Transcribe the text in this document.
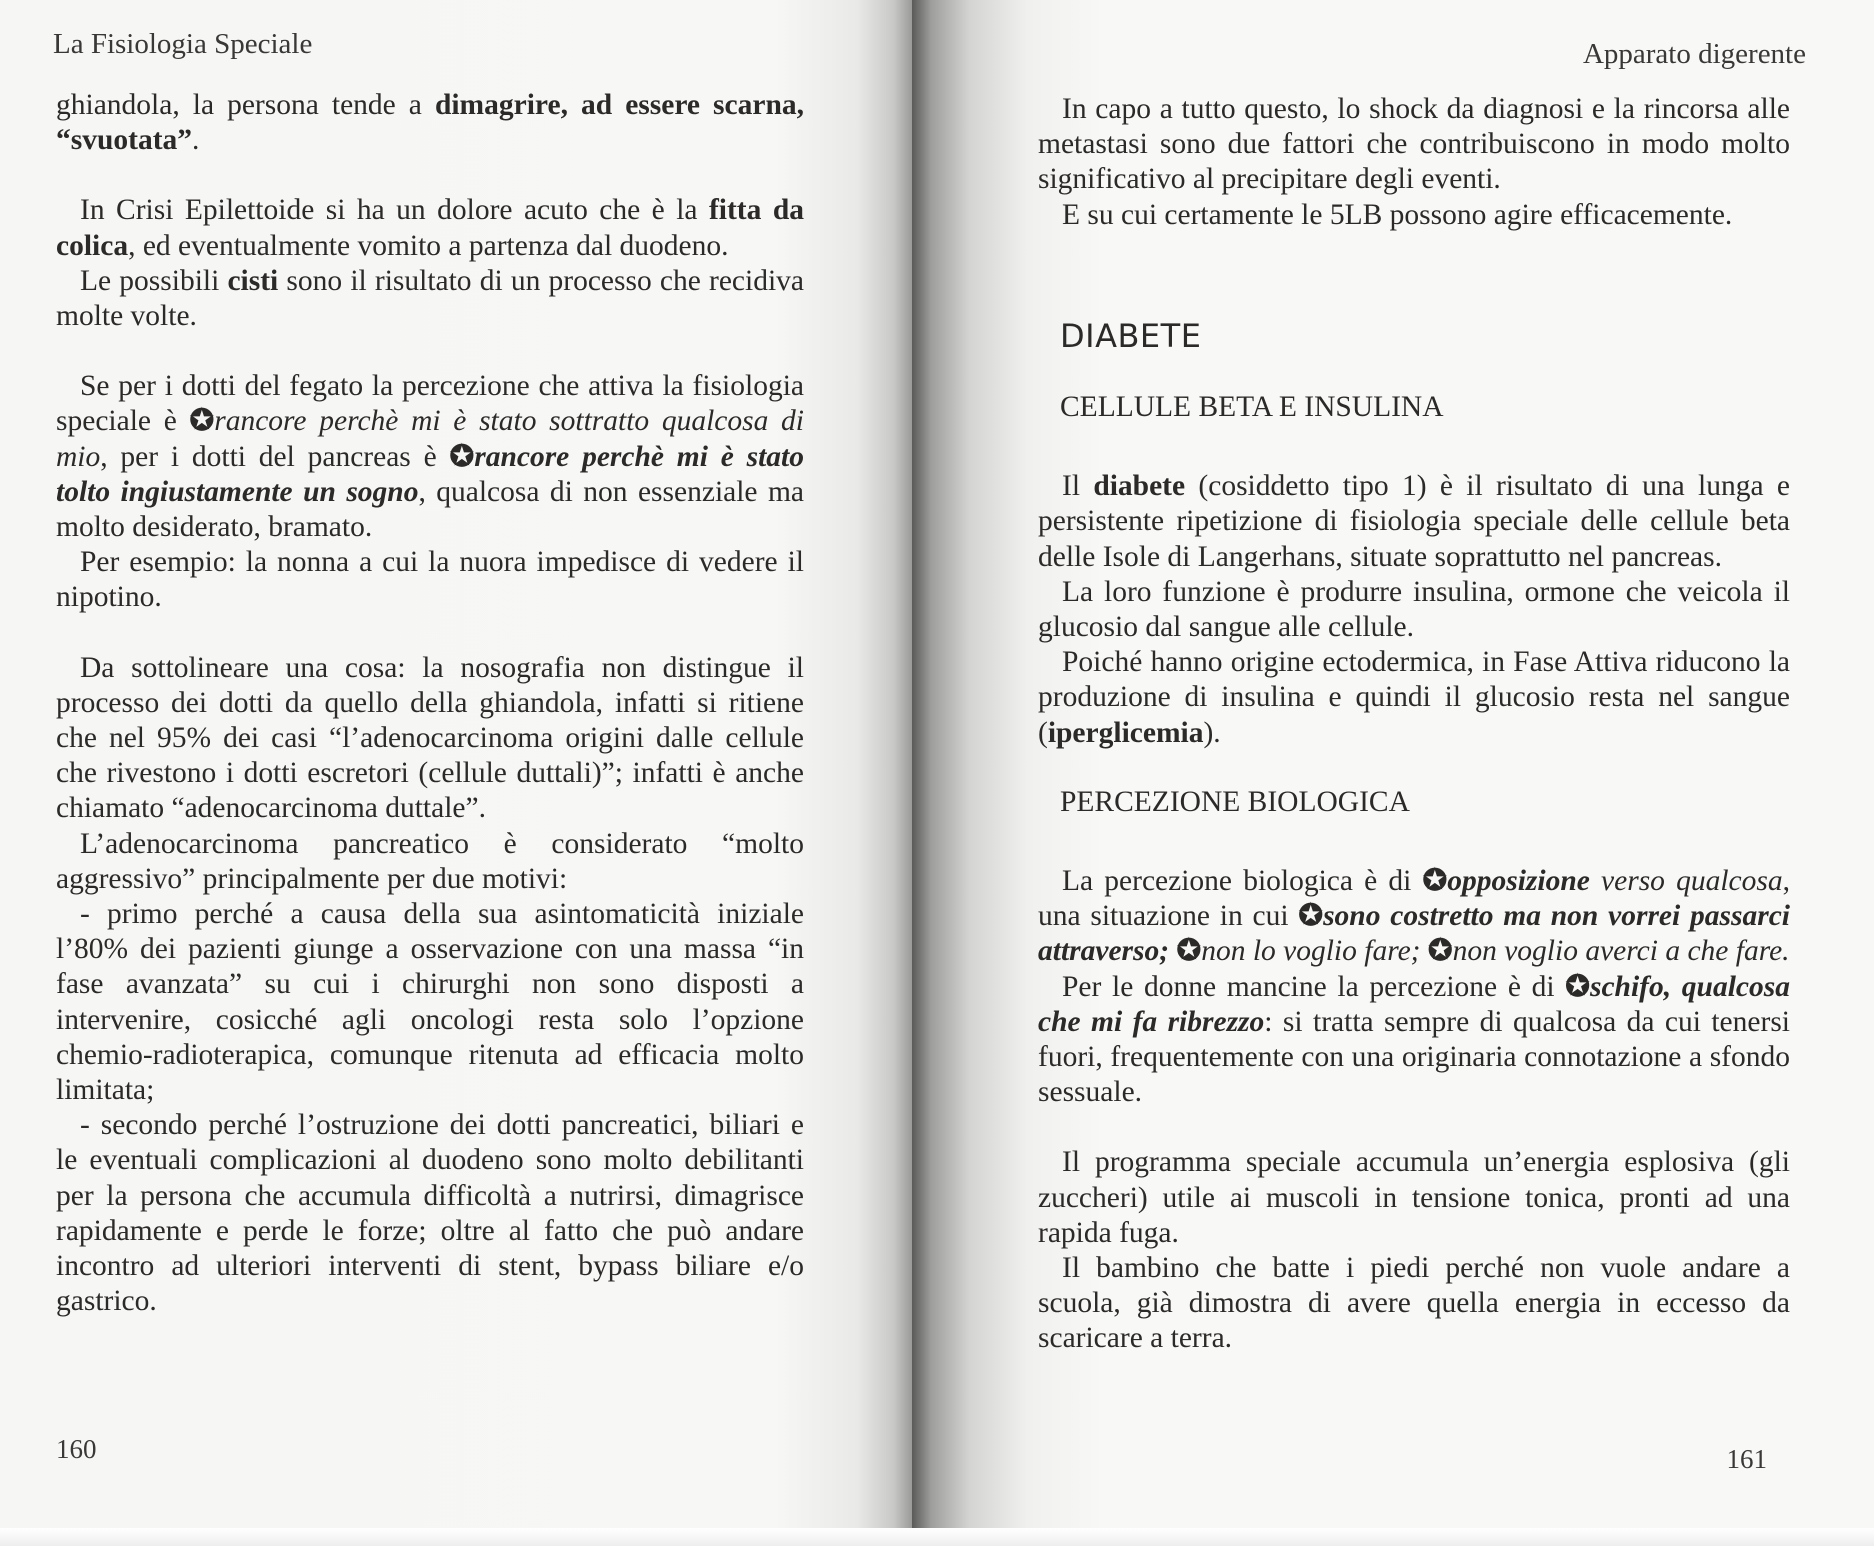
La Fisiologia Speciale

ghiandola, la persona tende a dimagrire, ad essere scarna, “svuotata”.

In Crisi Epilettoide si ha un dolore acuto che è la fitta da colica, ed eventualmente vomito a partenza dal duodeno.

Le possibili cisti sono il risultato di un processo che recidiva molte volte.

Se per i dotti del fegato la percezione che attiva la fisiologia speciale è ✪rancore perchè mi è stato sottratto qualcosa di mio, per i dotti del pancreas è ✪rancore perchè mi è stato tolto ingiustamente un sogno, qualcosa di non essenziale ma molto desiderato, bramato.

Per esempio: la nonna a cui la nuora impedisce di vedere il nipotino.

Da sottolineare una cosa: la nosografia non distingue il processo dei dotti da quello della ghiandola, infatti si ritiene che nel 95% dei casi “l’adenocarcinoma origini dalle cellule che rivestono i dotti escretori (cellule duttali)”; infatti è anche chiamato “adenocarcinoma duttale”.

L’adenocarcinoma pancreatico è considerato “molto aggressivo” principalmente per due motivi:

- primo perché a causa della sua asintomaticità iniziale l’80% dei pazienti giunge a osservazione con una massa “in fase avanzata” su cui i chirurghi non sono disposti a intervenire, cosicché agli oncologi resta solo l’opzione chemio-radioterapica, comunque ritenuta ad efficacia molto limitata;

- secondo perché l’ostruzione dei dotti pancreatici, biliari e le eventuali complicazioni al duodeno sono molto debilitanti per la persona che accumula difficoltà a nutrirsi, dimagrisce rapidamente e perde le forze; oltre al fatto che può andare incontro ad ulteriori interventi di stent, bypass biliare e/o gastrico.

160
Apparato digerente
161

In capo a tutto questo, lo shock da diagnosi e la rincorsa alle metastasi sono due fattori che contribuiscono in modo molto significativo al precipitare degli eventi.

E su cui certamente le 5LB possono agire efficacemente.

DIABETE

CELLULE BETA E INSULINA

Il diabete (cosiddetto tipo 1) è il risultato di una lunga e persistente ripetizione di fisiologia speciale delle cellule beta delle Isole di Langerhans, situate soprattutto nel pancreas.

La loro funzione è produrre insulina, ormone che veicola il glucosio dal sangue alle cellule.

Poiché hanno origine ectodermica, in Fase Attiva riducono la produzione di insulina e quindi il glucosio resta nel sangue (iperglicemia).

PERCEZIONE BIOLOGICA

La percezione biologica è di ✪opposizione verso qualcosa, una situazione in cui ✪sono costretto ma non vorrei passarci attraverso; ✪non lo voglio fare; ✪non voglio averci a che fare.

Per le donne mancine la percezione è di ✪schifo, qualcosa che mi fa ribrezzo: si tratta sempre di qualcosa da cui tenersi fuori, frequentemente con una originaria connotazione a sfondo sessuale.

Il programma speciale accumula un’energia esplosiva (gli zuccheri) utile ai muscoli in tensione tonica, pronti ad una rapida fuga.

Il bambino che batte i piedi perché non vuole andare a scuola, già dimostra di avere quella energia in eccesso da scaricare a terra.
